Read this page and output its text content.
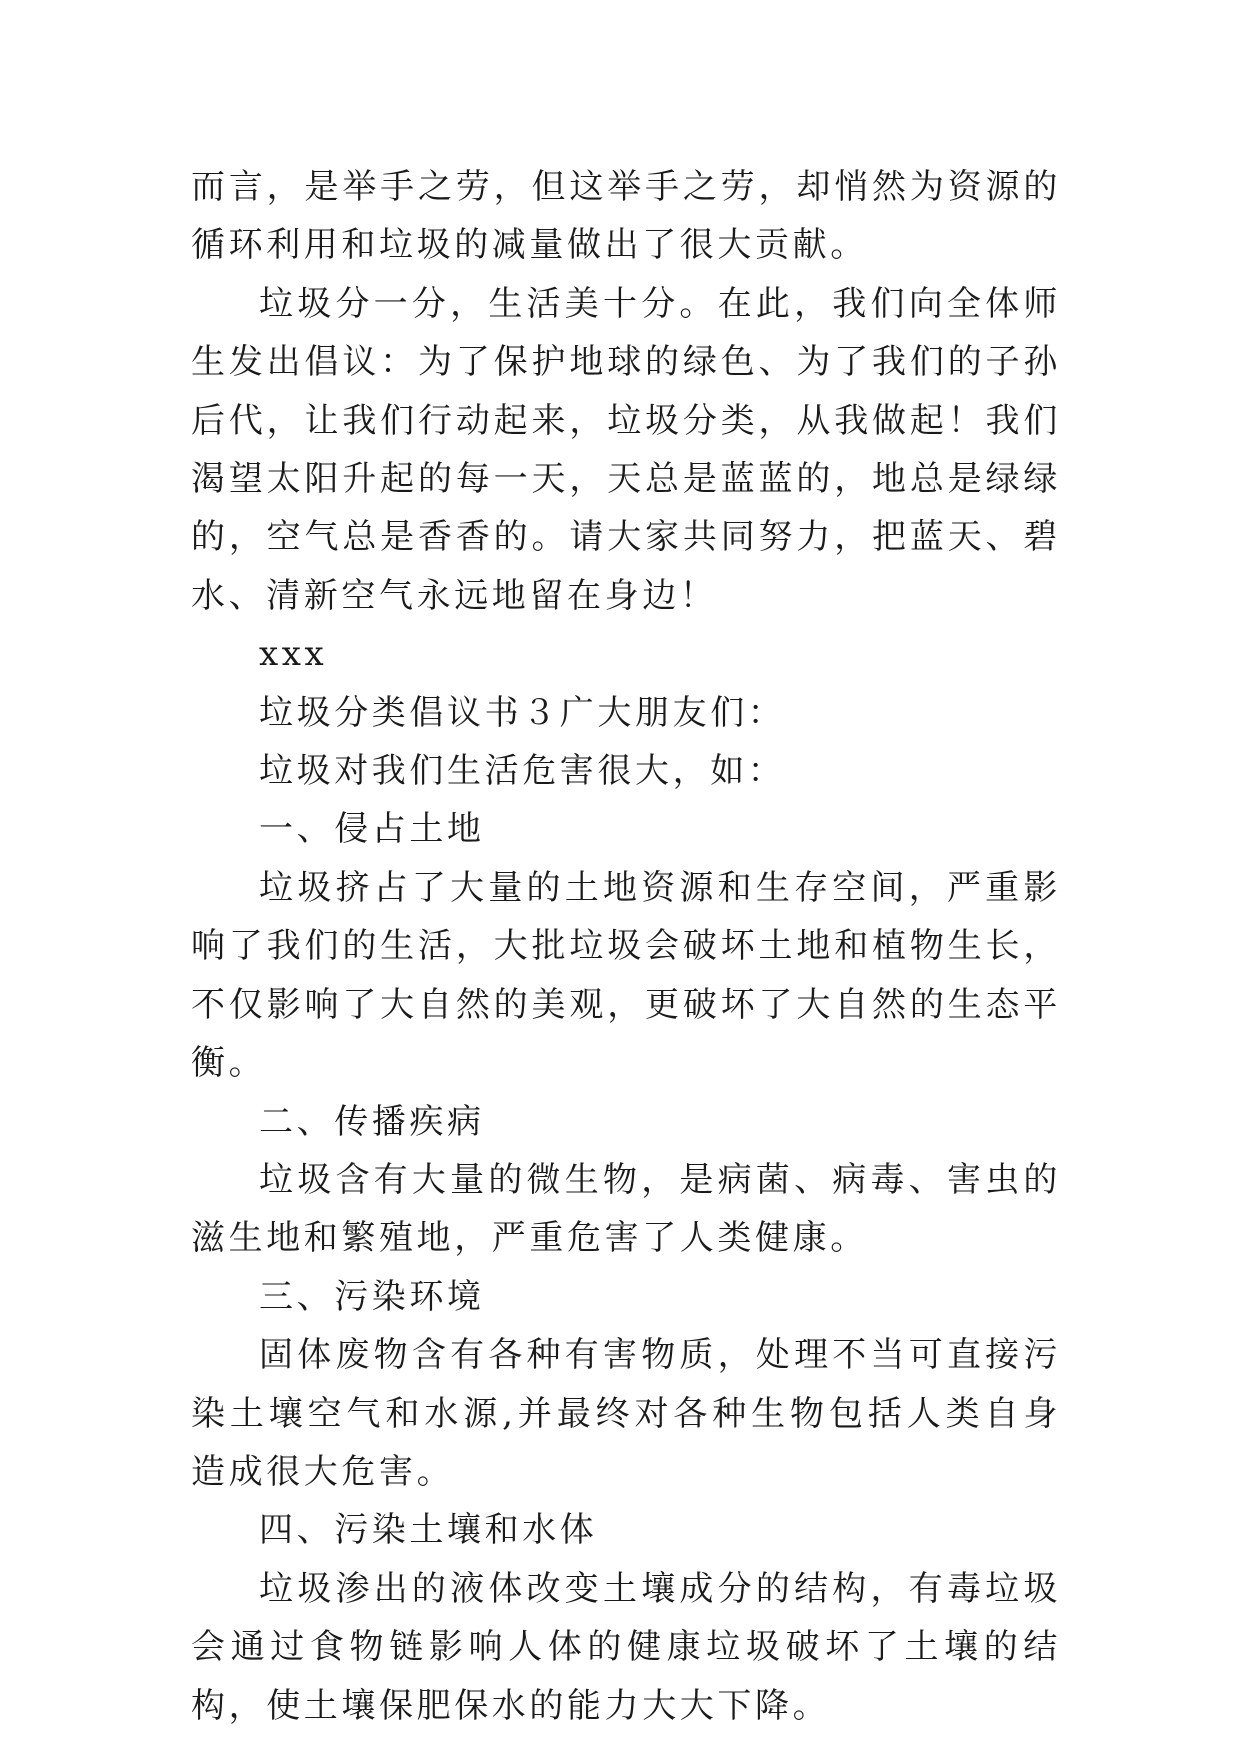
而言，是举手之劳，但这举手之劳，却悄然为资源的循环利用和垃圾的减量做出了很大贡献。

垃圾分一分，生活美十分。在此，我们向全体师生发出倡议：为了保护地球的绿色、为了我们的子孙后代，让我们行动起来，垃圾分类，从我做起！我们渴望太阳升起的每一天，天总是蓝蓝的，地总是绿绿的，空气总是香香的。请大家共同努力，把蓝天、碧水、清新空气永远地留在身边！

xxx

垃圾分类倡议书３广大朋友们：

垃圾对我们生活危害很大，如：

一、侵占土地

垃圾挤占了大量的土地资源和生存空间，严重影响了我们的生活，大批垃圾会破坏土地和植物生长，不仅影响了大自然的美观，更破坏了大自然的生态平衡。

二、传播疾病

垃圾含有大量的微生物，是病菌、病毒、害虫的滋生地和繁殖地，严重危害了人类健康。

三、污染环境

固体废物含有各种有害物质，处理不当可直接污染土壤空气和水源,并最终对各种生物包括人类自身造成很大危害。

四、污染土壤和水体

垃圾渗出的液体改变土壤成分的结构，有毒垃圾会通过食物链影响人体的健康垃圾破坏了土壤的结构，使土壤保肥保水的能力大大下降。
